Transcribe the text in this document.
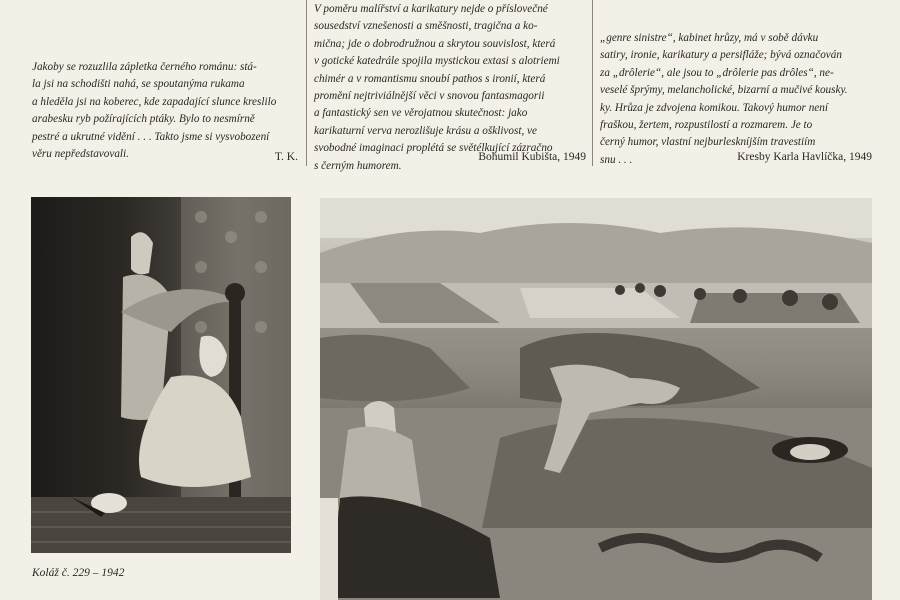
Jakoby se rozuzlila zápletka černého románu: stá-

la jsi na schodišti nahá, se spoutanýma rukama

a hleděla jsi na koberec, kde zapadající slunce kreslilo

arabesku ryb požírajících ptáky. Bylo to nesmírně

pestré a ukrutné vidění . . . Takto jsme si vysvobození

věru nepředstavovali.	T. K.

V poměru malířství a karikatury nejde o příslovečné

sousedství vznešenosti a směšnosti, tragična a ko-

mična; jde o dobrodružnou a skrytou souvislost, která

v gotické katedrále spojila mystickou extasi s alotriemi

chimér a v romantismu snoubí pathos s ironií, která

promění nejtriviálnější věci v snovou fantasmagorii

a fantastický sen ve věrojatnou skutečnost: jako

karikaturní verva nerozlišuje krásu a ošklivost, ve

svobodné imaginaci proplétá se světélkující zázračno

s černým humorem.

Bohumil Kubišta, 1949

„genre sinistre“, kabinet hrůzy, má v sobě dávku

satiry, ironie, karikatury a persifláže; bývá označován

za „drôlerie“, ale jsou to „drôlerie pas drôles“, ne-

veselé šprýmy, melancholické, bizarní a mučivé kousky.

ky. Hrůza je zdvojena komikou. Takový humor není

fraškou, žertem, rozpustilostí a rozmarem. Je to

černý humor, vlastní nejburleskníjším travestiím

snu . . .	Kresby Karla Havlíčka, 1949
Koláž č. 229 – 1942
